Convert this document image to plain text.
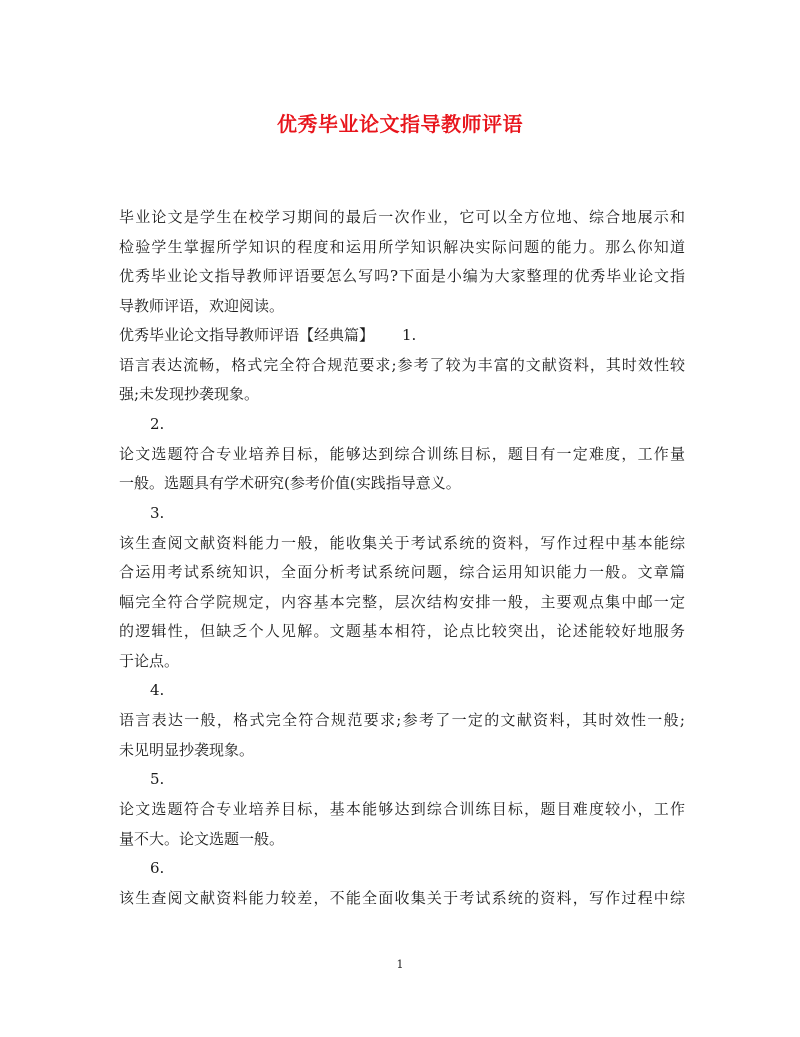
优秀毕业论文指导教师评语
毕业论文是学生在校学习期间的最后一次作业，它可以全方位地、综合地展示和
检验学生掌握所学知识的程度和运用所学知识解决实际问题的能力。那么你知道
优秀毕业论文指导教师评语要怎么写吗?下面是小编为大家整理的优秀毕业论文指
导教师评语，欢迎阅读。
优秀毕业论文指导教师评语【经典篇】 1.
语言表达流畅，格式完全符合规范要求;参考了较为丰富的文献资料，其时效性较
强;未发现抄袭现象。
2.
论文选题符合专业培养目标，能够达到综合训练目标，题目有一定难度，工作量
一般。选题具有学术研究(参考价值(实践指导意义。
3.
该生查阅文献资料能力一般，能收集关于考试系统的资料，写作过程中基本能综
合运用考试系统知识，全面分析考试系统问题，综合运用知识能力一般。文章篇
幅完全符合学院规定，内容基本完整，层次结构安排一般，主要观点集中邮一定
的逻辑性，但缺乏个人见解。文题基本相符，论点比较突出，论述能较好地服务
于论点。
4.
语言表达一般，格式完全符合规范要求;参考了一定的文献资料，其时效性一般;
未见明显抄袭现象。
5.
论文选题符合专业培养目标，基本能够达到综合训练目标，题目难度较小，工作
量不大。论文选题一般。
6.
该生查阅文献资料能力较差，不能全面收集关于考试系统的资料，写作过程中综
1
